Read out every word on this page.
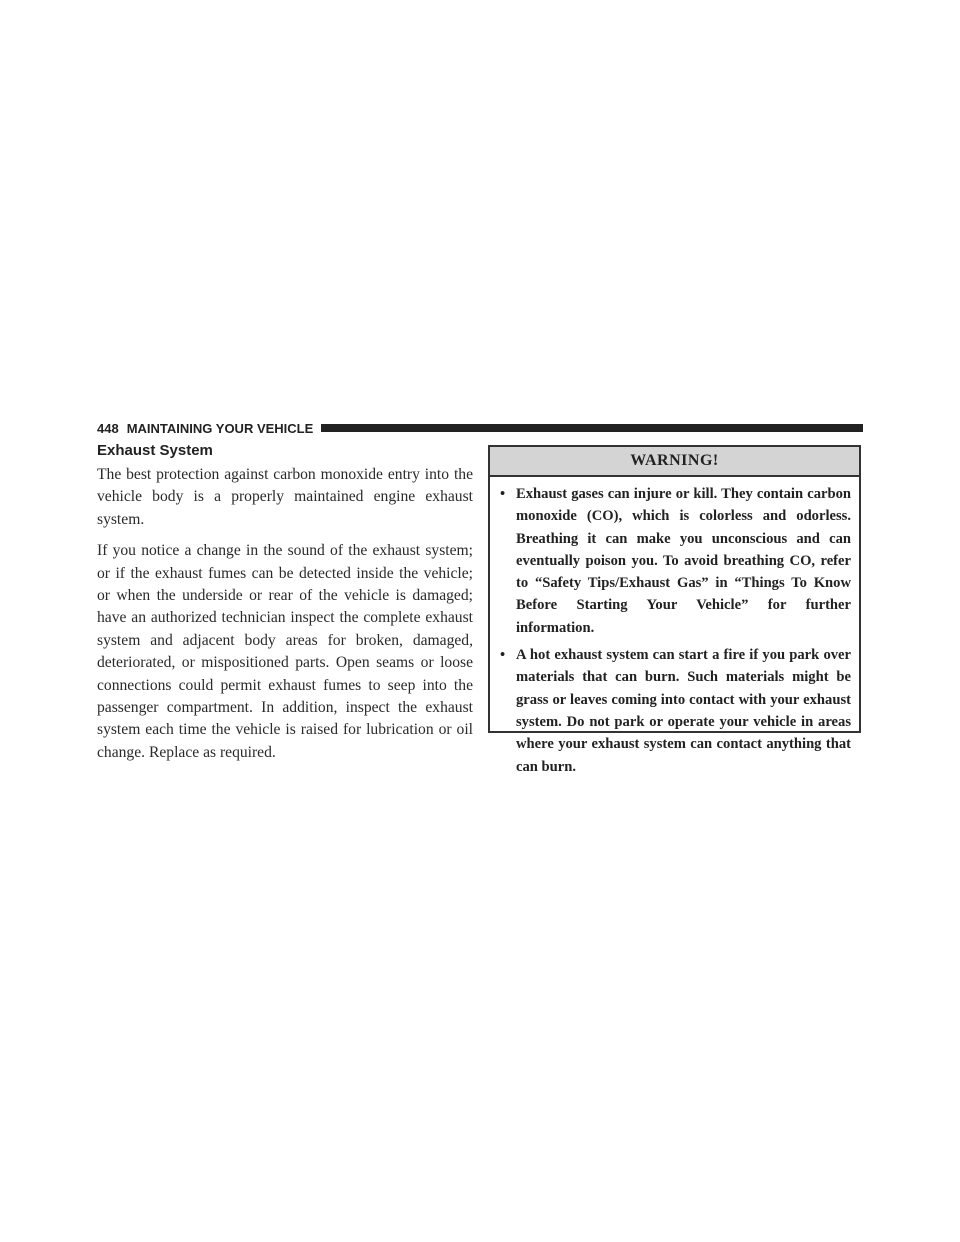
448 MAINTAINING YOUR VEHICLE
Exhaust System

The best protection against carbon monoxide entry into the vehicle body is a properly maintained engine exhaust system.

If you notice a change in the sound of the exhaust system; or if the exhaust fumes can be detected inside the vehicle; or when the underside or rear of the vehicle is damaged; have an authorized technician inspect the complete exhaust system and adjacent body areas for broken, damaged, deteriorated, or mispositioned parts. Open seams or loose connections could permit exhaust fumes to seep into the passenger compartment. In addition, inspect the exhaust system each time the vehicle is raised for lubrication or oil change. Replace as required.

WARNING!
• Exhaust gases can injure or kill. They contain carbon monoxide (CO), which is colorless and odorless. Breathing it can make you unconscious and can eventually poison you. To avoid breathing CO, refer to “Safety Tips/Exhaust Gas” in “Things To Know Before Starting Your Vehicle” for further information.
• A hot exhaust system can start a fire if you park over materials that can burn. Such materials might be grass or leaves coming into contact with your exhaust system. Do not park or operate your vehicle in areas where your exhaust system can contact anything that can burn.
